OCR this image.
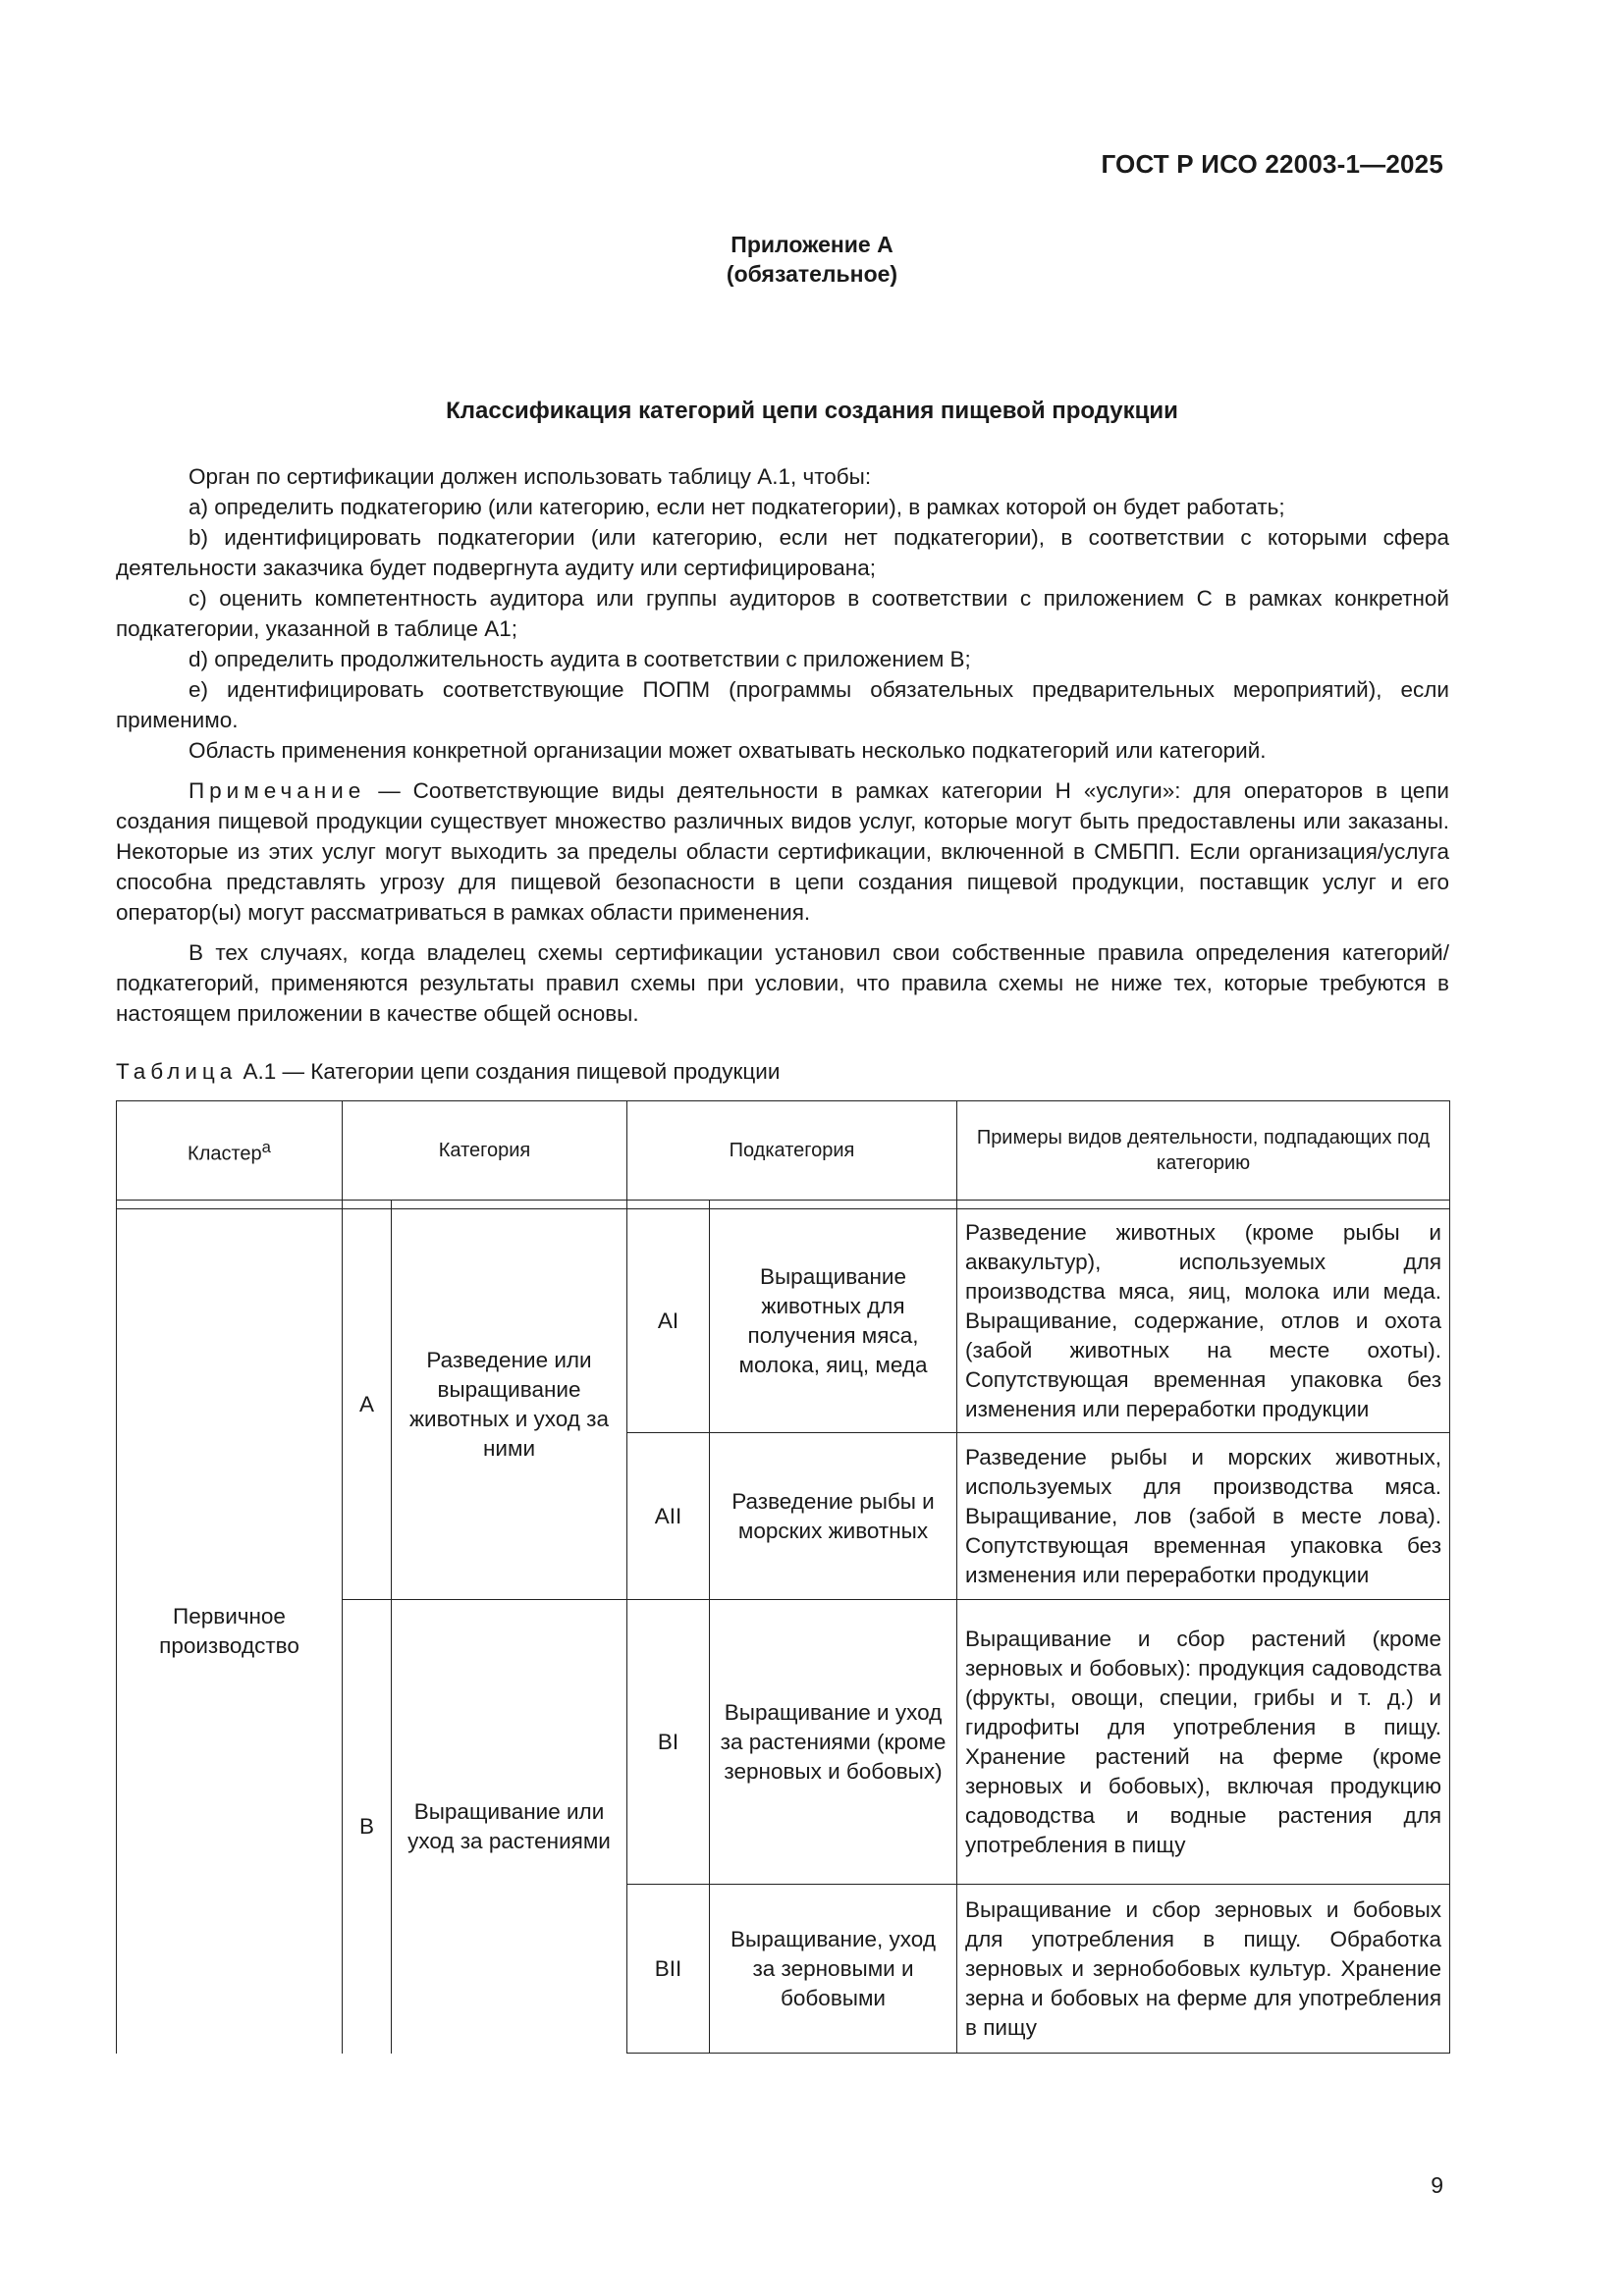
ГОСТ Р ИСО 22003-1—2025
Приложение А
(обязательное)
Классификация категорий цепи создания пищевой продукции

Орган по сертификации должен использовать таблицу А.1, чтобы:

a) определить подкатегорию (или категорию, если нет подкатегории), в рамках которой он будет работать;

b) идентифицировать подкатегории (или категорию, если нет подкатегории), в соответствии с которыми сфера деятельности заказчика будет подвергнута аудиту или сертифицирована;

c) оценить компетентность аудитора или группы аудиторов в соответствии с приложением С в рамках конкретной подкатегории, указанной в таблице А1;

d) определить продолжительность аудита в соответствии с приложением В;

e) идентифицировать соответствующие ПОПМ (программы обязательных предварительных мероприятий), если применимо.

Область применения конкретной организации может охватывать несколько подкатегорий или категорий.

Примечание — Соответствующие виды деятельности в рамках категории Н «услуги»: для операторов в цепи создания пищевой продукции существует множество различных видов услуг, которые могут быть предоставлены или заказаны. Некоторые из этих услуг могут выходить за пределы области сертификации, включенной в СМБПП. Если организация/услуга способна представлять угрозу для пищевой безопасности в цепи создания пищевой продукции, поставщик услуг и его оператор(ы) могут рассматриваться в рамках области применения.

В тех случаях, когда владелец схемы сертификации установил свои собственные правила определения категорий/подкатегорий, применяются результаты правил схемы при условии, что правила схемы не ниже тех, которые требуются в настоящем приложении в качестве общей основы.

Таблица А.1 — Категории цепи создания пищевой продукции
Кластер$^а$	Категория		Подкатегория		Примеры видов деятельности, подпадающих под категорию

Первичное производство	А	Разведение или выращивание животных и уход за ними	AI	Выращивание животных для получения мяса, молока, яиц, меда	Разведение животных (кроме рыбы и аквакультур), используемых для производства мяса, яиц, молока или меда. Выращивание, содержание, отлов и охота (забой животных на месте охоты). Сопутствующая временная упаковка без изменения или переработки продукции
			AII	Разведение рыбы и морских животных	Разведение рыбы и морских животных, используемых для производства мяса. Выращивание, лов (забой в месте лова). Сопутствующая временная упаковка без изменения или переработки продукции
	В	Выращивание или уход за растениями	BI	Выращивание и уход за растениями (кроме зерновых и бобовых)	Выращивание и сбор растений (кроме зерновых и бобовых): продукция садоводства (фрукты, овощи, специи, грибы и т. д.) и гидрофиты для употребления в пищу. Хранение растений на ферме (кроме зерновых и бобовых), включая продукцию садоводства и водные растения для употребления в пищу
			BII	Выращивание, уход за зерновыми и бобовыми	Выращивание и сбор зерновых и бобовых для употребления в пищу. Обработка зерновых и зернобобовых культур. Хранение зерна и бобовых на ферме для употребления в пищу
9
